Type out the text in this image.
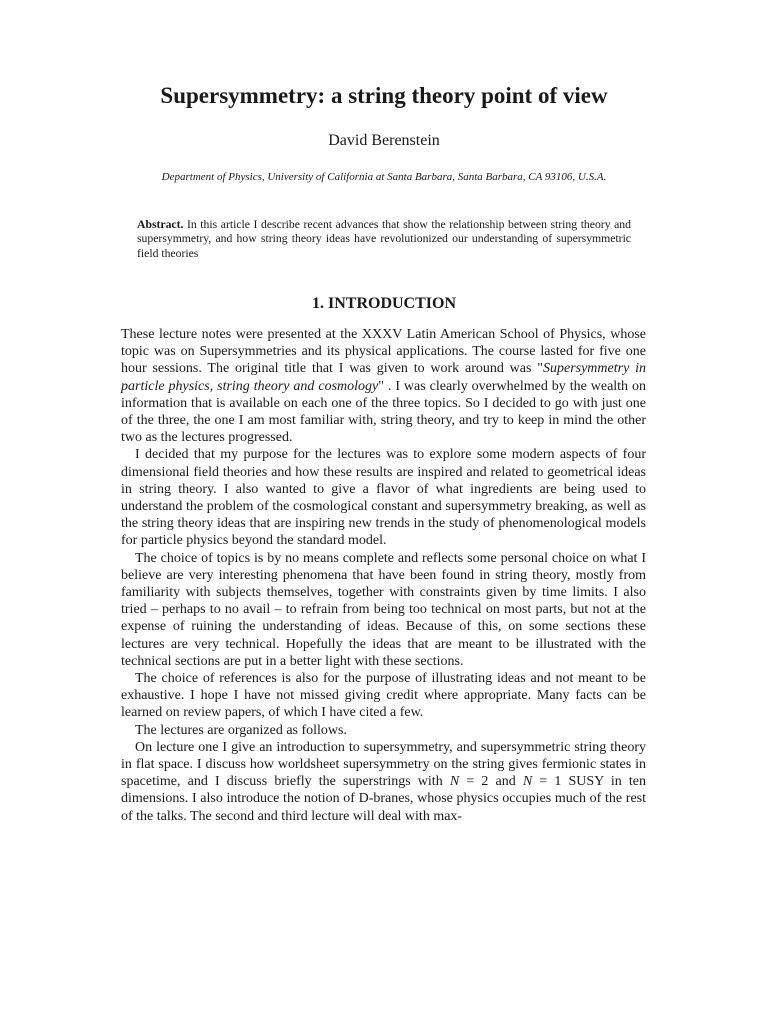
Supersymmetry: a string theory point of view
David Berenstein
Department of Physics, University of California at Santa Barbara, Santa Barbara, CA 93106, U.S.A.
Abstract. In this article I describe recent advances that show the relationship between string theory and supersymmetry, and how string theory ideas have revolutionized our understanding of supersymmetric field theories
1. INTRODUCTION

These lecture notes were presented at the XXXV Latin American School of Physics, whose topic was on Supersymmetries and its physical applications. The course lasted for five one hour sessions. The original title that I was given to work around was "Supersymmetry in particle physics, string theory and cosmology" . I was clearly overwhelmed by the wealth on information that is available on each one of the three topics. So I decided to go with just one of the three, the one I am most familiar with, string theory, and try to keep in mind the other two as the lectures progressed.

I decided that my purpose for the lectures was to explore some modern aspects of four dimensional field theories and how these results are inspired and related to geometrical ideas in string theory. I also wanted to give a flavor of what ingredients are being used to understand the problem of the cosmological constant and supersymmetry breaking, as well as the string theory ideas that are inspiring new trends in the study of phenomenological models for particle physics beyond the standard model.

The choice of topics is by no means complete and reflects some personal choice on what I believe are very interesting phenomena that have been found in string theory, mostly from familiarity with subjects themselves, together with constraints given by time limits. I also tried – perhaps to no avail – to refrain from being too technical on most parts, but not at the expense of ruining the understanding of ideas. Because of this, on some sections these lectures are very technical. Hopefully the ideas that are meant to be illustrated with the technical sections are put in a better light with these sections.

The choice of references is also for the purpose of illustrating ideas and not meant to be exhaustive. I hope I have not missed giving credit where appropriate. Many facts can be learned on review papers, of which I have cited a few.

The lectures are organized as follows.

On lecture one I give an introduction to supersymmetry, and supersymmetric string theory in flat space. I discuss how worldsheet supersymmetry on the string gives fermionic states in spacetime, and I discuss briefly the superstrings with N = 2 and N = 1 SUSY in ten dimensions. I also introduce the notion of D-branes, whose physics occupies much of the rest of the talks. The second and third lecture will deal with max-
